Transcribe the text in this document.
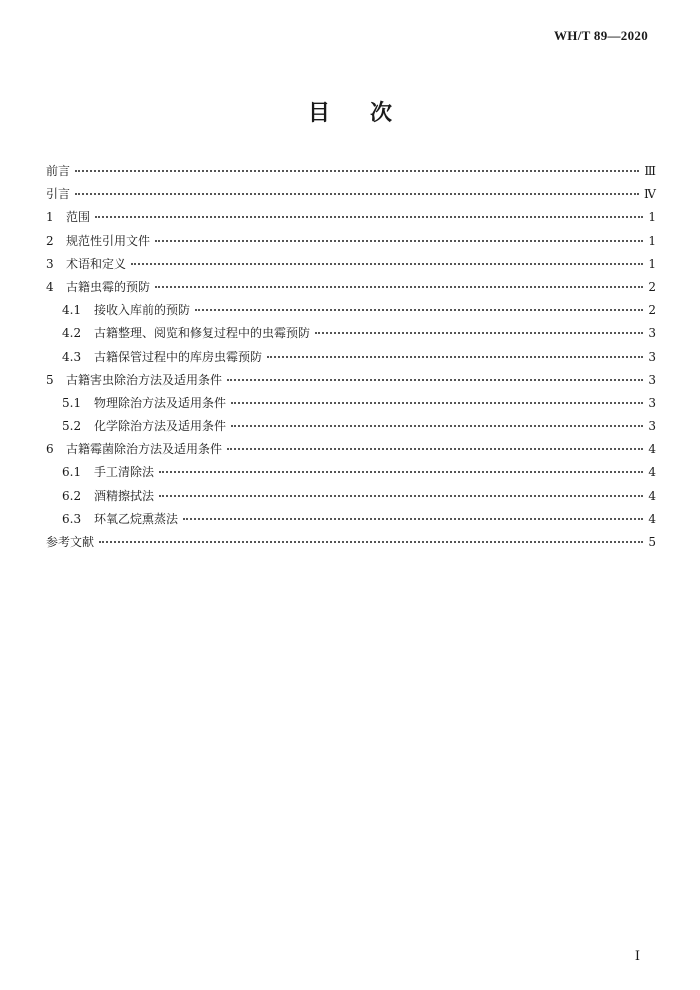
WH/T 89—2020
目 次
前言	Ⅲ
引言	Ⅳ
1	范围	1
2	规范性引用文件	1
3	术语和定义	1
4	古籍虫霉的预防	2
4.1	接收入库前的预防	2
4.2	古籍整理、阅览和修复过程中的虫霉预防	3
4.3	古籍保管过程中的库房虫霉预防	3
5	古籍害虫除治方法及适用条件	3
5.1	物理除治方法及适用条件	3
5.2	化学除治方法及适用条件	3
6	古籍霉菌除治方法及适用条件	4
6.1	手工清除法	4
6.2	酒精擦拭法	4
6.3	环氧乙烷熏蒸法	4
参考文献	5
Ⅰ
